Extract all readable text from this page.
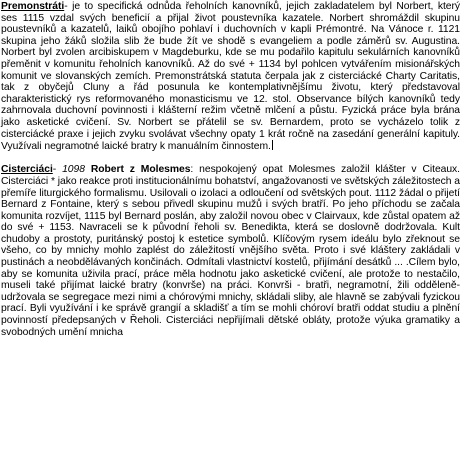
Premonstráti- je to specifická odnůda řeholních kanovníků, jejich zakladatelem byl Norbert, který ses 1115 vzdal svých beneficií a přijal život poustevníka kazatele. Norbert shromáždil skupinu poustevníků a kazatelů, laiků obojího pohlaví i duchovních v kapli Prémontré. Na Vánoce r. 1121 skupina jeho žáků složila slib že bude žít ve shodě s evangeliem a podle záměrů sv. Augustina. Norbert byl zvolen arcibiskupem v Magdeburku, kde se mu podařilo kapitulu sekulárních kanovníků přeměnit v komunitu řeholních kanovníků. Až do své + 1134 byl pohlcen vytvářením misionářských komunit ve slovanských zemích. Premonstrátská statuta čerpala jak z cisterciácké Charty Caritatis, tak z obyčejů Cluny a řád posunula ke kontemplativnějšímu životu, který představoval charakteristický rys reformovaného monasticismu ve 12. stol. Observance bílých kanovníků tedy zahrnovala duchovní povinnosti i klášterní režim včetně mlčení a půstu. Fyzická práce byla brána jako asketické cvičení. Sv. Norbert se přátelil se sv. Bernardem, proto se vycházelo tolik z cisterciácké praxe i jejich zvyku svolávat všechny opaty 1 krát ročně na zasedání generální kapituly. Využívali negramotné laické bratry k manuálním činnostem.

Cisterciáci- 1098 Robert z Molesmes: nespokojený opat Molesmes založil klášter v Citeaux. Cisterciáci * jako reakce proti institucionálnímu bohatství, angažovanosti ve světských záležitostech a přemíře liturgického formalismu. Usilovali o izolaci a odloučení od světských pout. 1112 žádal o přijetí Bernard z Fontaine, který s sebou přivedl skupinu mužů i svých bratří. Po jeho příchodu se začala komunita rozvíjet, 1115 byl Bernard poslán, aby založil novou obec v Clairvaux, kde zůstal opatem až do své + 1153. Navraceli se k původní řeholi sv. Benedikta, která se doslovně dodržovala. Kult chudoby a prostoty, puritánský postoj k estetice symbolů. Klíčovým rysem ideálu bylo zřeknout se všeho, co by mnichy mohlo zaplést do záležitostí vnějšího světa. Proto i své kláštery zakládali v pustinách a neobdělávaných končinách. Odmítali vlastnictví kostelů, přijímání desátků ... .Cílem bylo, aby se komunita uživila prací, práce měla hodnotu jako asketické cvičení, ale protože to nestačilo, museli také přijímat laické bratry (konvrše) na práci. Konvrši - bratři, negramotní, žili odděleně- udržovala se segregace mezi nimi a chórovými mnichy, skládali sliby, ale hlavně se zabývali fyzickou prací. Byli využívání i ke správě grangií a skladišť a tím se mohli chóroví bratři oddat studiu a plnění povinností předepsaných v Řeholi. Cisterciáci nepřijímali dětské obláty, protože výuka gramatiky a svobodných umění mnicha
